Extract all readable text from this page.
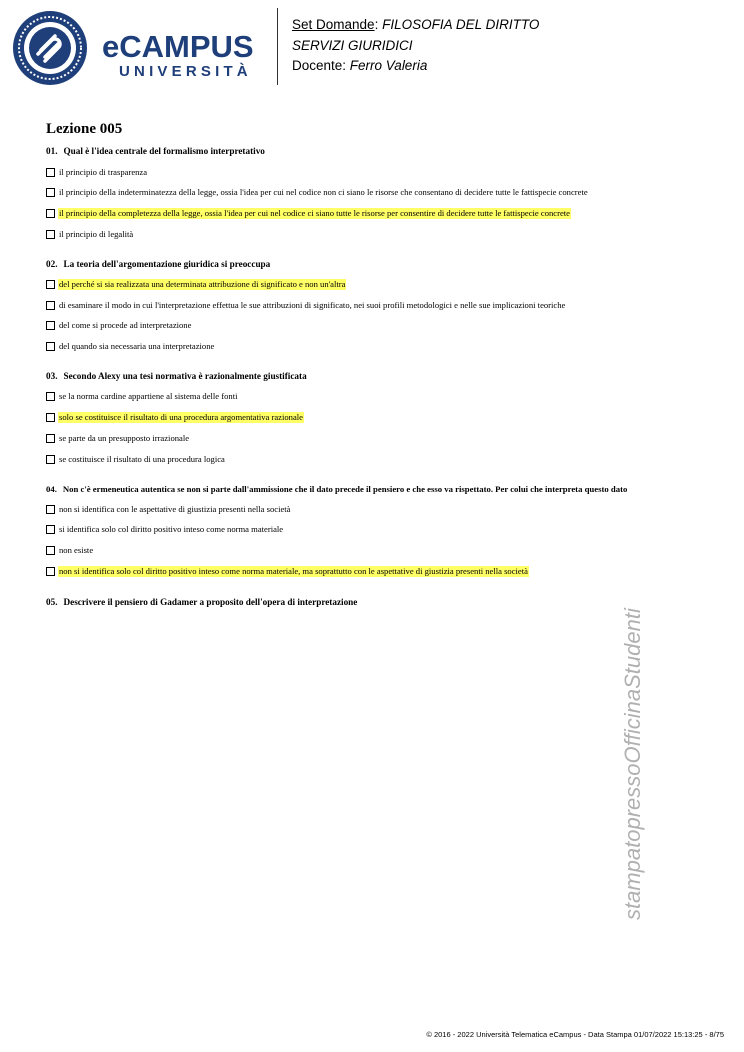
eCAMPUS
UNIVERSITÀ
Set Domande: FILOSOFIA DEL DIRITTO
SERVIZI GIURIDICI
Docente: Ferro Valeria
Lezione 005
01. Qual è l'idea centrale del formalismo interpretativo
il principio di trasparenza
il principio della indeterminatezza della legge, ossia l'idea per cui nel codice non ci siano le risorse che consentano di decidere tutte le fattispecie concrete
il principio della completezza della legge, ossia l'idea per cui nel codice ci siano tutte le risorse per consentire di decidere tutte le fattispecie concrete
il principio di legalità
02. La teoria dell'argomentazione giuridica si preoccupa
del perché si sia realizzata una determinata attribuzione di significato e non un'altra
di esaminare il modo in cui l'interpretazione effettua le sue attribuzioni di significato, nei suoi profili metodologici e nelle sue implicazioni teoriche
del come si procede ad interpretazione
del quando sia necessaria una interpretazione
03. Secondo Alexy una tesi normativa è razionalmente giustificata
se la norma cardine appartiene al sistema delle fonti
solo se costituisce il risultato di una procedura argomentativa razionale
se parte da un presupposto irrazionale
se costituisce il risultato di una procedura logica
04. Non c'è ermeneutica autentica se non si parte dall'ammissione che il dato precede il pensiero e che esso va rispettato. Per colui che interpreta questo dato
non si identifica con le aspettative di giustizia presenti nella società
si identifica solo col diritto positivo inteso come norma materiale
non esiste
non si identifica solo col diritto positivo inteso come norma materiale, ma soprattutto con le aspettative di giustizia presenti nella società
05. Descrivere il pensiero di Gadamer a proposito dell'opera di interpretazione
stampatopressoOfficinaStudenti
© 2016 - 2022 Università Telematica eCampus - Data Stampa 01/07/2022 15:13:25 - 8/75
